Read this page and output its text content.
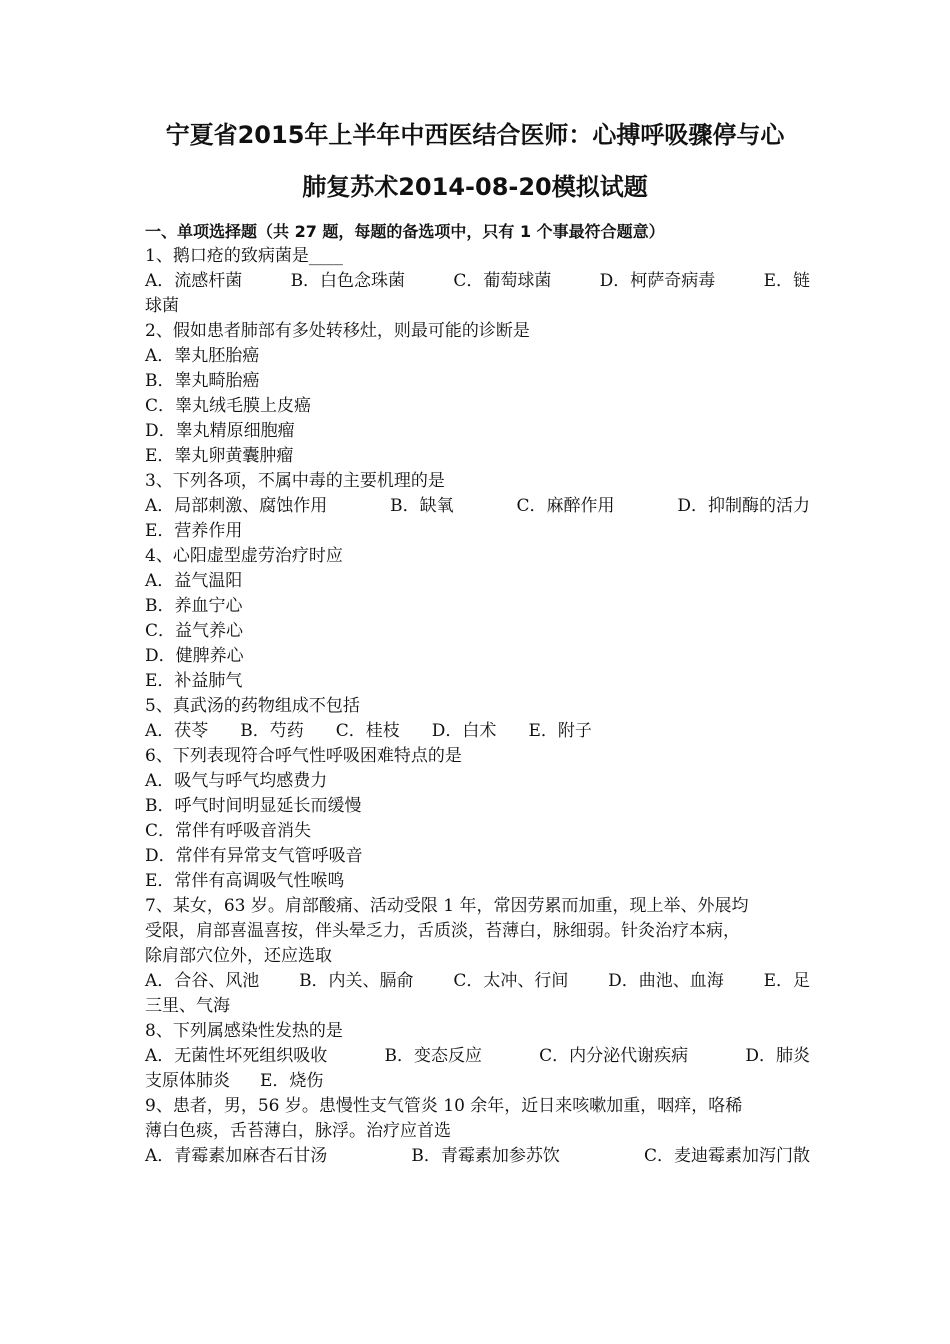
宁夏省2015年上半年中西医结合医师：心搏呼吸骤停与心
肺复苏术2014-08-20模拟试题
一、单项选择题（共 27 题，每题的备选项中，只有 1 个事最符合题意）
1、鹅口疮的致病菌是____
A．流感杆菌	B．白色念珠菌	C．葡萄球菌	D．柯萨奇病毒	E．链
球菌
2、假如患者肺部有多处转移灶，则最可能的诊断是
A．睾丸胚胎癌
B．睾丸畸胎癌
C．睾丸绒毛膜上皮癌
D．睾丸精原细胞瘤
E．睾丸卵黄囊肿瘤
3、下列各项，不属中毒的主要机理的是
A．局部刺激、腐蚀作用	B．缺氧	C．麻醉作用	D．抑制酶的活力
E．营养作用
4、心阳虚型虚劳治疗时应
A．益气温阳
B．养血宁心
C．益气养心
D．健脾养心
E．补益肺气
5、真武汤的药物组成不包括
A．茯苓 B．芍药 C．桂枝 D．白术 E．附子
6、下列表现符合呼气性呼吸困难特点的是
A．吸气与呼气均感费力
B．呼气时间明显延长而缓慢
C．常伴有呼吸音消失
D．常伴有异常支气管呼吸音
E．常伴有高调吸气性喉鸣
7、某女，63 岁。肩部酸痛、活动受限 1 年，常因劳累而加重，现上举、外展均
受限，肩部喜温喜按，伴头晕乏力，舌质淡，苔薄白，脉细弱。针灸治疗本病，
除肩部穴位外，还应选取
A．合谷、风池 B．内关、膈俞 C．太冲、行间 D．曲池、血海 E．足
三里、气海
8、下列属感染性发热的是
A．无菌性坏死组织吸收	B．变态反应	C．内分泌代谢疾病	D．肺炎
支原体肺炎 E．烧伤
9、患者，男，56 岁。患慢性支气管炎 10 余年，近日来咳嗽加重，咽痒，咯稀
薄白色痰，舌苔薄白，脉浮。治疗应首选
A．青霉素加麻杏石甘汤	B．青霉素加参苏饮	C．麦迪霉素加泻门散
